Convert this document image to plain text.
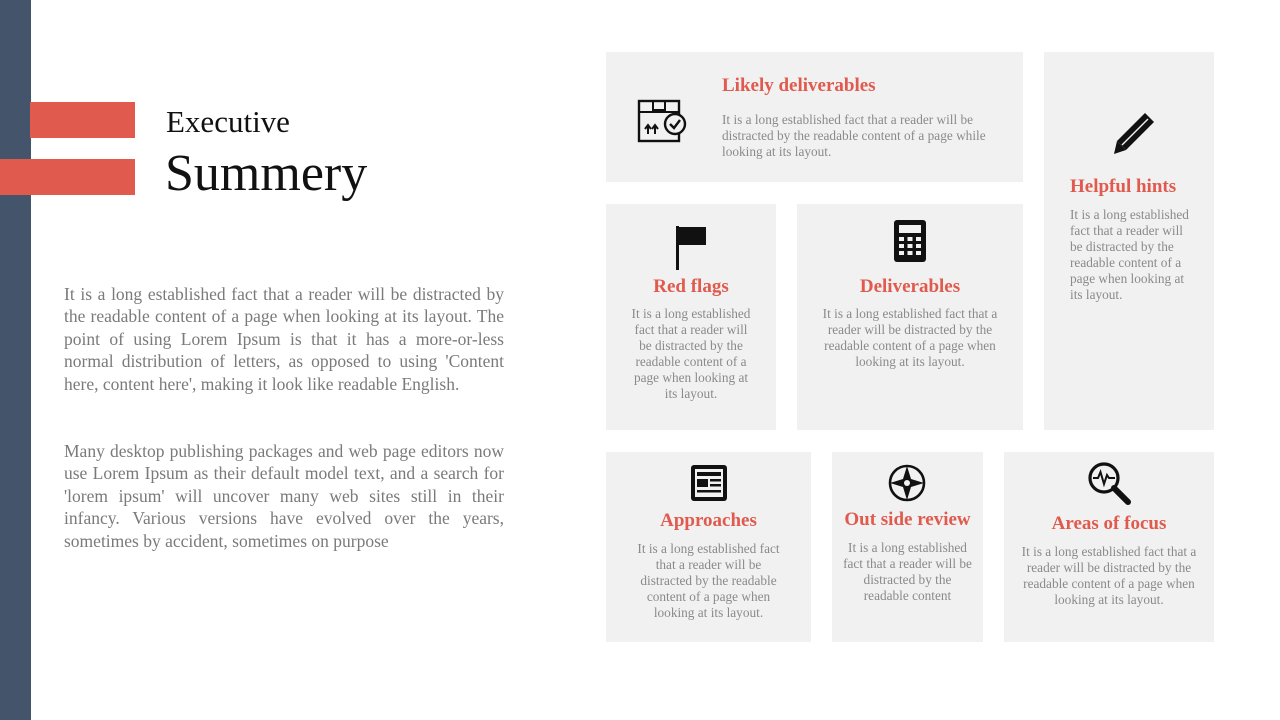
Executive
Summery

It is a long established fact that a reader will be distracted by the readable content of a page when looking at its layout. The point of using Lorem Ipsum is that it has a more-or-less normal distribution of letters, as opposed to using 'Content here, content here', making it look like readable English.

Many desktop publishing packages and web page editors now use Lorem Ipsum as their default model text, and a search for 'lorem ipsum' will uncover many web sites still in their infancy. Various versions have evolved over the years, sometimes by accident, sometimes on purpose

Likely deliverables

It is a long established fact that a reader will be distracted by the readable content of a page while looking at its layout.

Helpful hints

It is a long established fact that a reader will be distracted by the readable content of a page when looking at its layout.

Red flags

It is a long established fact that a reader will be distracted by the readable content of a page when looking at its layout.

Deliverables

It is a long established fact that a reader will be distracted by the readable content of a page when looking at its layout.

Approaches

It is a long established fact that a reader will be distracted by the readable content of a page when looking at its layout.

Out side review

It is a long established fact that a reader will be distracted by the readable content

Areas of focus

It is a long established fact that a reader will be distracted by the readable content of a page when looking at its layout.
